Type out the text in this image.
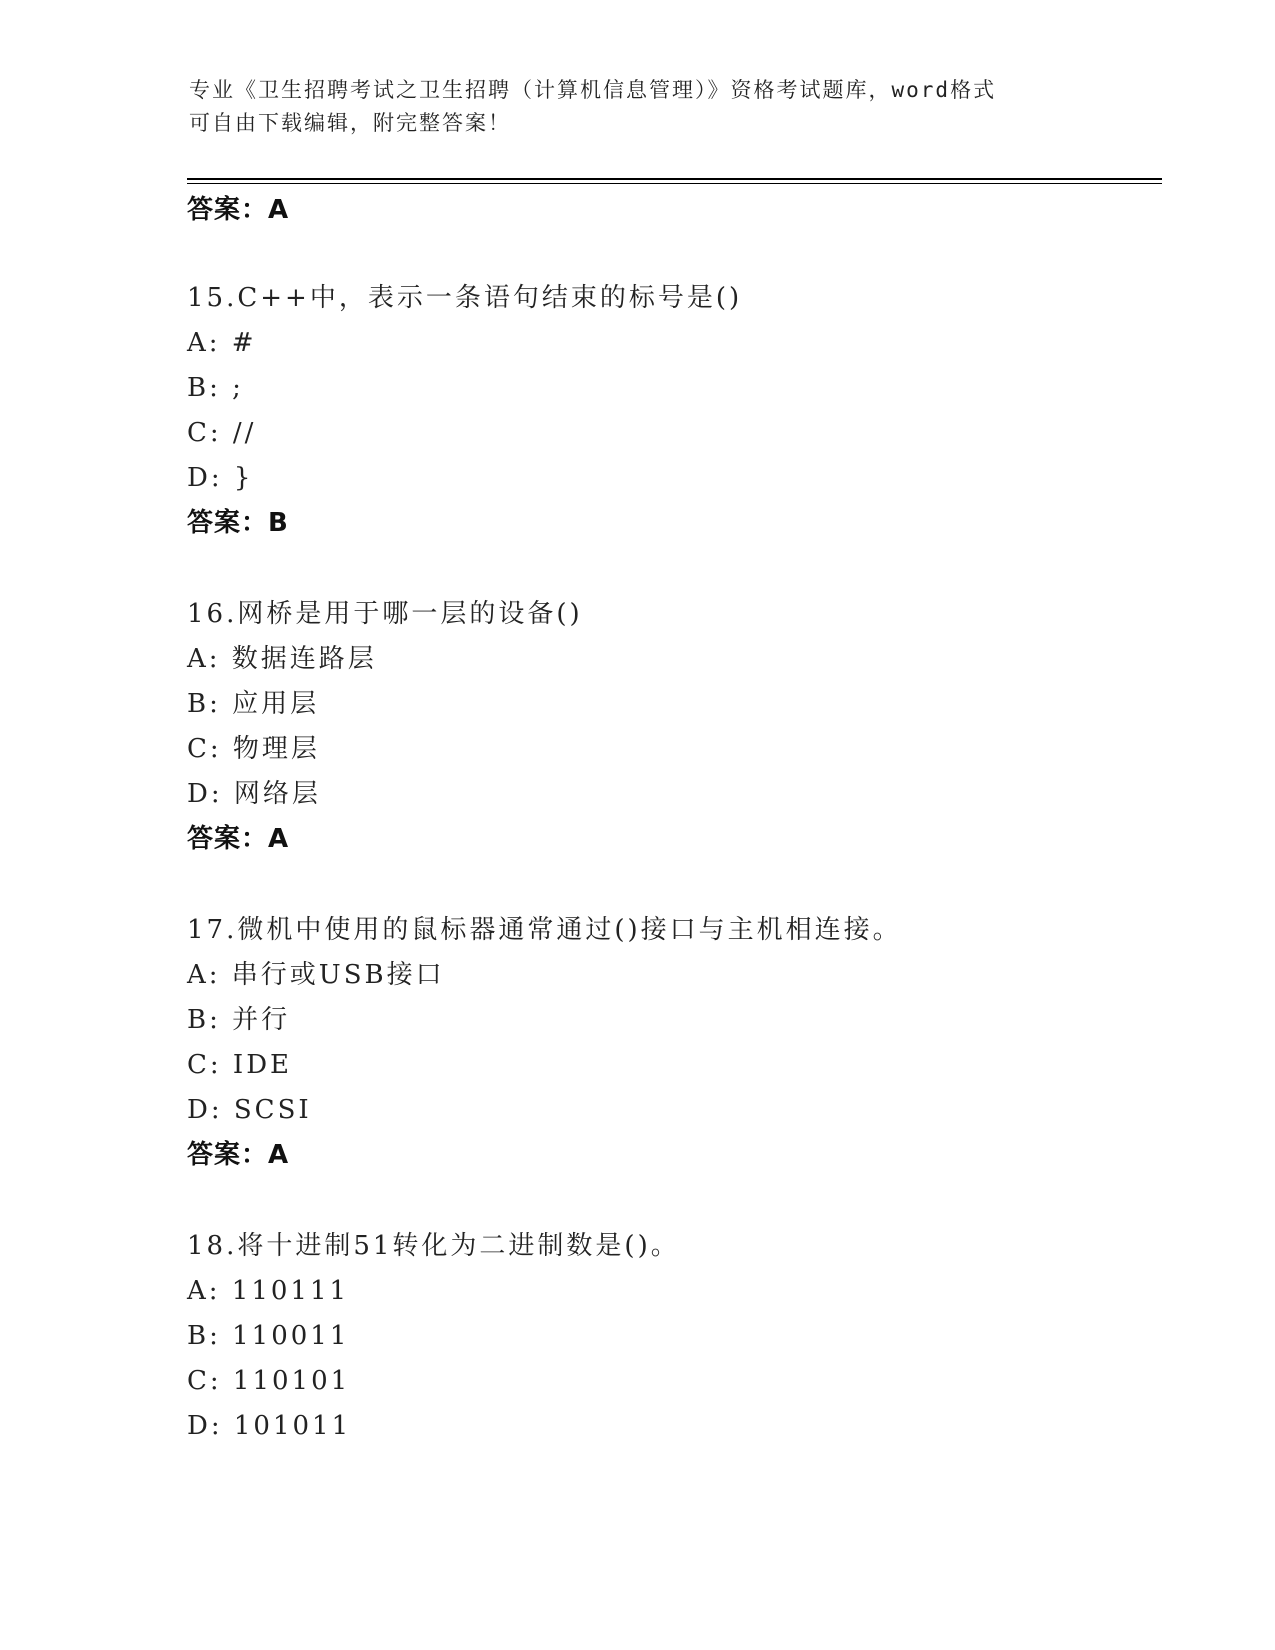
专业《卫生招聘考试之卫生招聘（计算机信息管理）》资格考试题库，word格式
可自由下载编辑，附完整答案！
答案：A
15.C++中，表示一条语句结束的标号是()
A: #
B: ;
C: //
D: }
答案：B
16.网桥是用于哪一层的设备()
A: 数据连路层
B: 应用层
C: 物理层
D: 网络层
答案：A
17.微机中使用的鼠标器通常通过()接口与主机相连接。
A: 串行或USB接口
B: 并行
C: IDE
D: SCSI
答案：A
18.将十进制51转化为二进制数是()。
A: 110111
B: 110011
C: 110101
D: 101011
